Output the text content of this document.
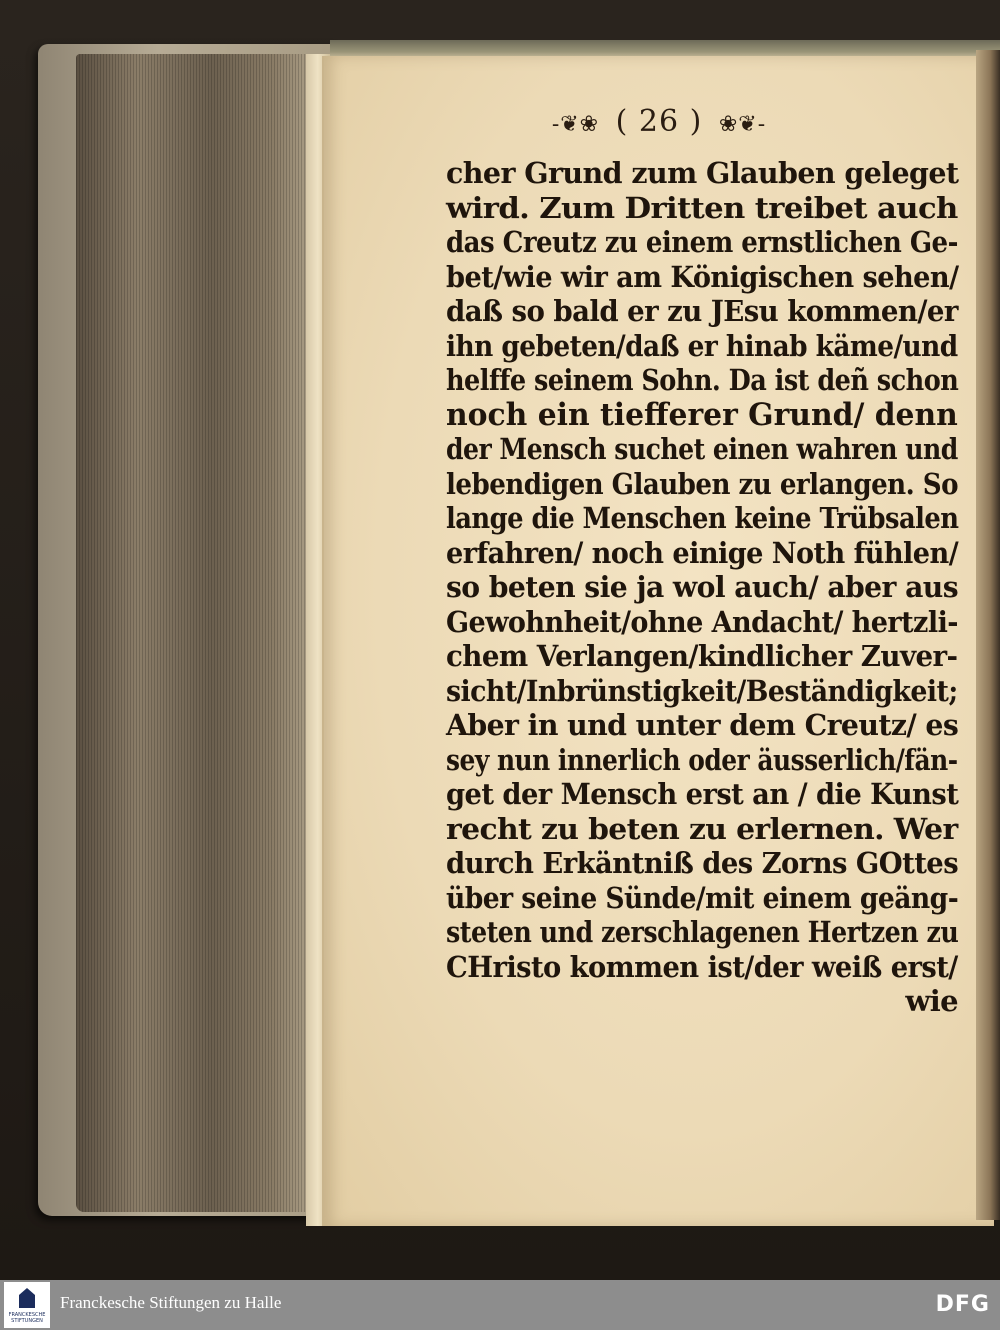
-❦❀ ( 26 ) ❀❦-
cher Grund zum Glauben geleget
wird. Zum Dritten treibet auch
das Creutz zu einem ernstlichen Ge-
bet/wie wir am Königischen sehen/
daß so bald er zu JEsu kommen/er
ihn gebeten/daß er hinab käme/und
helffe seinem Sohn. Da ist deñ schon
noch ein tiefferer Grund/ denn
der Mensch suchet einen wahren und
lebendigen Glauben zu erlangen. So
lange die Menschen keine Trübsalen
erfahren/ noch einige Noth fühlen/
so beten sie ja wol auch/ aber aus
Gewohnheit/ohne Andacht/ hertzli-
chem Verlangen/kindlicher Zuver-
sicht/Inbrünstigkeit/Beständigkeit;
Aber in und unter dem Creutz/ es
sey nun innerlich oder äusserlich/fän-
get der Mensch erst an / die Kunst
recht zu beten zu erlernen. Wer
durch Erkäntniß des Zorns GOttes
über seine Sünde/mit einem geäng-
steten und zerschlagenen Hertzen zu
CHristo kommen ist/der weiß erst/
wie
FRANCKESCHE STIFTUNGEN
Franckesche Stiftungen zu Halle	DFG
